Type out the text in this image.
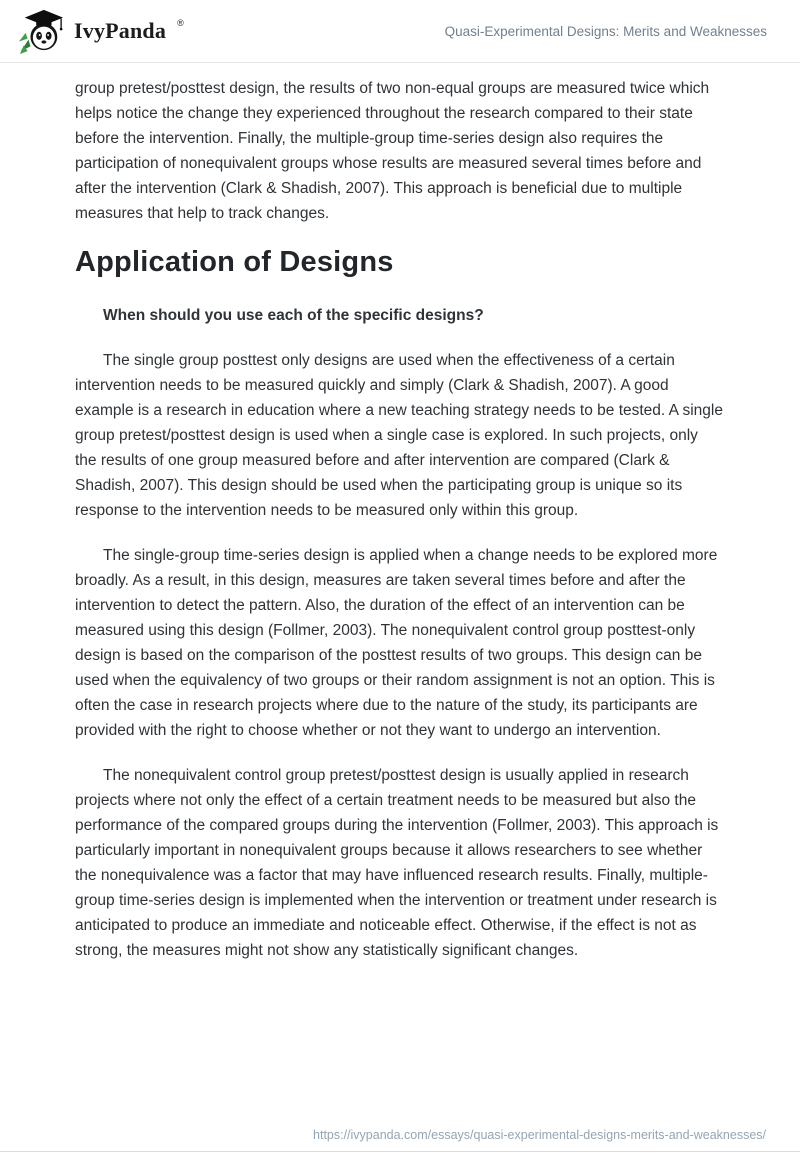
IvyPanda ®
Quasi-Experimental Designs: Merits and Weaknesses

group pretest/posttest design, the results of two non-equal groups are measured twice which helps notice the change they experienced throughout the research compared to their state before the intervention. Finally, the multiple-group time-series design also requires the participation of nonequivalent groups whose results are measured several times before and after the intervention (Clark & Shadish, 2007). This approach is beneficial due to multiple measures that help to track changes.

Application of Designs

When should you use each of the specific designs?

The single group posttest only designs are used when the effectiveness of a certain intervention needs to be measured quickly and simply (Clark & Shadish, 2007). A good example is a research in education where a new teaching strategy needs to be tested. A single group pretest/posttest design is used when a single case is explored. In such projects, only the results of one group measured before and after intervention are compared (Clark & Shadish, 2007). This design should be used when the participating group is unique so its response to the intervention needs to be measured only within this group.

The single-group time-series design is applied when a change needs to be explored more broadly. As a result, in this design, measures are taken several times before and after the intervention to detect the pattern. Also, the duration of the effect of an intervention can be measured using this design (Follmer, 2003). The nonequivalent control group posttest-only design is based on the comparison of the posttest results of two groups. This design can be used when the equivalency of two groups or their random assignment is not an option. This is often the case in research projects where due to the nature of the study, its participants are provided with the right to choose whether or not they want to undergo an intervention.

The nonequivalent control group pretest/posttest design is usually applied in research projects where not only the effect of a certain treatment needs to be measured but also the performance of the compared groups during the intervention (Follmer, 2003). This approach is particularly important in nonequivalent groups because it allows researchers to see whether the nonequivalence was a factor that may have influenced research results. Finally, multiple-group time-series design is implemented when the intervention or treatment under research is anticipated to produce an immediate and noticeable effect. Otherwise, if the effect is not as strong, the measures might not show any statistically significant changes.

https://ivypanda.com/essays/quasi-experimental-designs-merits-and-weaknesses/
